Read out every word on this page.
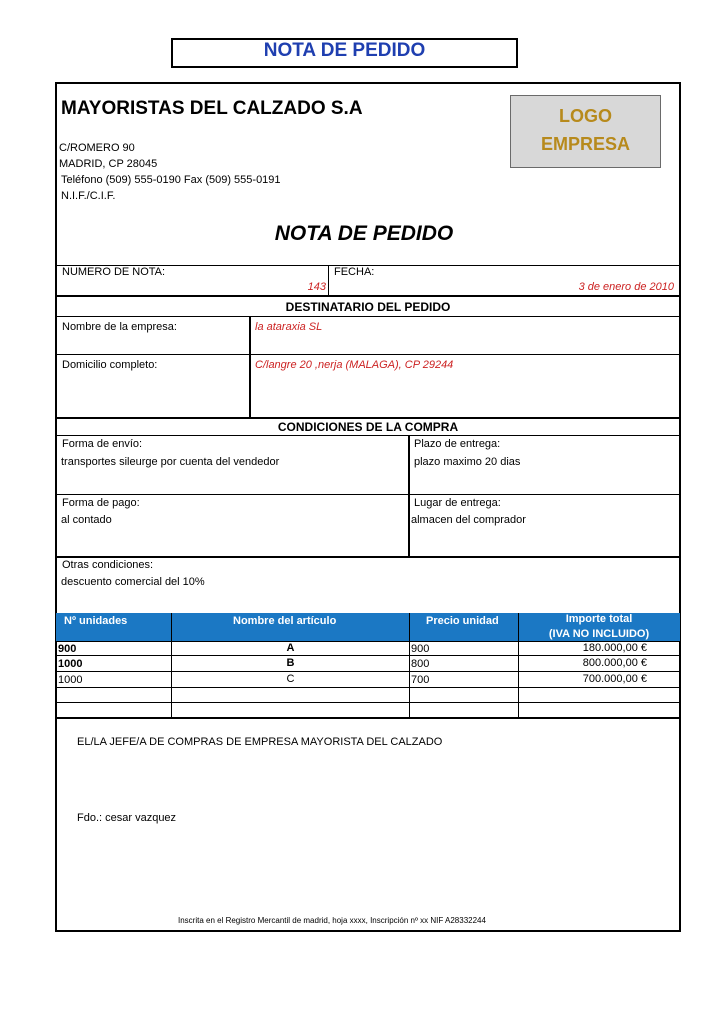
NOTA DE PEDIDO
MAYORISTAS DEL CALZADO S.A	LOGO
EMPRESA
C/ROMERO 90
MADRID, CP 28045
Teléfono (509) 555-0190 Fax (509) 555-0191
N.I.F./C.I.F.
NOTA DE PEDIDO
NUMERO DE NOTA:
143
FECHA:
3 de enero de 2010
DESTINATARIO DEL PEDIDO
Nombre de la empresa:	la ataraxia SL
Domicilio completo:	C/langre 20 ,nerja (MALAGA), CP 29244
CONDICIONES DE LA COMPRA
Forma de envío:
transportes sileurge por cuenta del vendedor
Plazo de entrega:
plazo maximo 20 dias
Forma de pago:
al contado
Lugar de entrega:
almacen del comprador
Otras condiciones:
descuento comercial del 10%
Nº unidades	Nombre del artículo	Precio unidad	Importe total
(IVA NO INCLUIDO)
900	A	900	180.000,00 €
1000	B	800	800.000,00 €
1000	C	700	700.000,00 €
EL/LA JEFE/A DE COMPRAS DE EMPRESA MAYORISTA DEL CALZADO
Fdo.: cesar vazquez
Inscrita en el Registro Mercantil de madrid, hoja xxxx, Inscripción nº xx NIF A28332244
